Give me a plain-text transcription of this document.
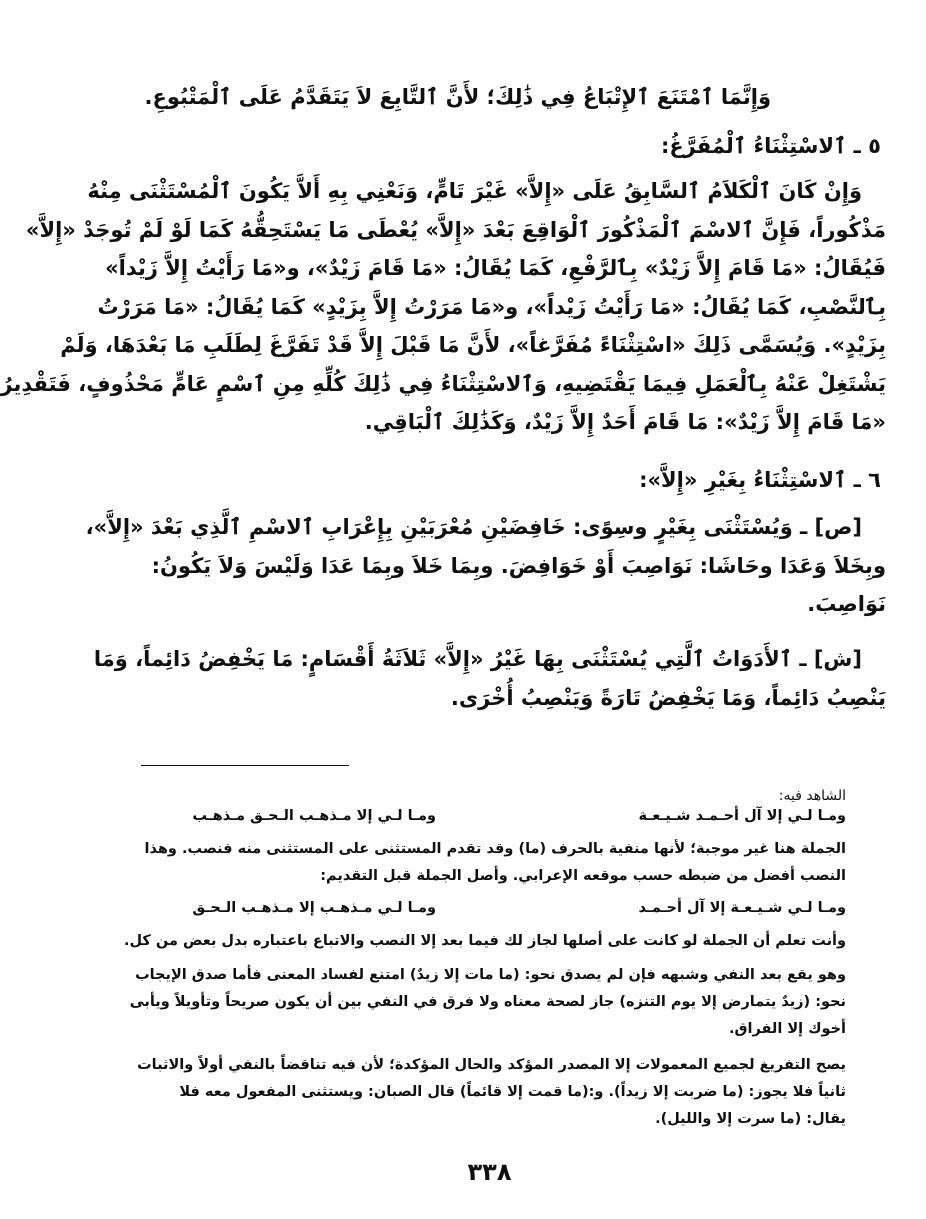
وَإِنَّمَا ٱمْتَنَعَ ٱلإِتْبَاعُ فِي ذَٰلِكَ؛ لأَنَّ ٱلتَّابِعَ لاَ يَتَقَدَّمُ عَلَى ٱلْمَتْبُوعِ.
٥ ـ ٱلاسْتِثْنَاءُ ٱلْمُفَرَّغُ:
وَإِنْ كَانَ ٱلْكَلاَمُ ٱلسَّابِقُ عَلَى «إِلاَّ» غَيْرَ تَامٍّ، وَنَعْنِي بِهِ أَلاَّ يَكُونَ ٱلْمُسْتَثْنَى مِنْهُ
مَذْكُوراً، فَإِنَّ ٱلاسْمَ ٱلْمَذْكُورَ ٱلْوَاقِعَ بَعْدَ «إِلاَّ» يُعْطَى مَا يَسْتَحِقُّهُ كَمَا لَوْ لَمْ تُوجَدْ «إِلاَّ»
فَيُقَالُ: «مَا قَامَ إِلاَّ زَيْدٌ» بِٱلرَّفْعِ، كَمَا يُقَالُ: «مَا قَامَ زَيْدٌ»، و«مَا رَأَيْتُ إِلاَّ زَيْداً»
بِٱلنَّصْبِ، كَمَا يُقَالُ: «مَا رَأَيْتُ زَيْداً»، و«مَا مَرَرْتُ إِلاَّ بِزَيْدٍ» كَمَا يُقَالُ: «مَا مَرَرْتُ
بِزَيْدٍ». وَيُسَمَّى ذَلِكَ «اسْتِثْنَاءً مُفَرَّغاً»، لأَنَّ مَا قَبْلَ إِلاَّ قَدْ تَفَرَّغَ لِطَلَبِ مَا بَعْدَهَا، وَلَمْ
يَشْتَغِلْ عَنْهُ بِٱلْعَمَلِ فِيمَا يَقْتَضِيهِ، وَٱلاسْتِثْنَاءُ فِي ذَٰلِكَ كُلِّهِ مِنِ ٱسْمٍ عَامٍّ مَحْذُوفٍ، فَتَقْدِيرُ
«مَا قَامَ إِلاَّ زَيْدٌ»: مَا قَامَ أَحَدٌ إِلاَّ زَيْدٌ، وَكَذَٰلِكَ ٱلْبَاقِي.
٦ ـ ٱلاسْتِثْنَاءُ بِغَيْرِ «إِلاَّ»:
[ص] ـ وَيُسْتَثْنَى بِغَيْرٍ وسِوًى: خَافِضَيْنِ مُعْرَبَيْنِ بِإِعْرَابِ ٱلاسْمِ ٱلَّذِي بَعْدَ «إِلاَّ»،
وبِخَلاَ وَعَدَا وحَاشَا: نَوَاصِبَ أَوْ خَوَافِضَ. وبِمَا خَلاَ وبِمَا عَدَا وَلَيْسَ وَلاَ يَكُونُ:
نَوَاصِبَ.
[ش] ـ ٱلأَدَوَاتُ ٱلَّتِي يُسْتَثْنَى بِهَا غَيْرُ «إِلاَّ» ثَلاَثَةُ أَقْسَامٍ: مَا يَخْفِضُ دَائِماً، وَمَا
يَنْصِبُ دَائِماً، وَمَا يَخْفِضُ تَارَةً وَيَنْصِبُ أُخْرَى.
الشاهد فيه:
ومـا لـي إلا آل أحـمـد شـيـعـة
ومـا لـي إلا مـذهـب الـحـق مـذهـب
الجملة هنا غير موجبة؛ لأنها منفية بالحرف (ما) وقد تقدم المستثنى على المستثنى منه فنصب. وهذا
النصب أفضل من ضبطه حسب موقعه الإعرابي. وأصل الجملة قبل التقديم:
ومـا لـي شـيـعـة إلا آل أحـمـد
ومـا لـي مـذهـب إلا مـذهـب الـحـق
وأنت تعلم أن الجملة لو كانت على أصلها لجاز لك فيما بعد إلا النصب والاتباع باعتباره بدل بعض من كل.
وهو يقع بعد النفي وشبهه فإن لم يصدق نحو: (ما مات إلا زيدٌ) امتنع لفساد المعنى فأما صدق الإيجاب
نحو: (زيدٌ يتمارض إلا يوم التنزه) جاز لصحة معناه ولا فرق في النفي بين أن يكون صريحاً وتأويلاً ويأبى
أخوك إلا الفراق.
يصح التفريغ لجميع المعمولات إلا المصدر المؤكد والحال المؤكدة؛ لأن فيه تناقضاً بالنفي أولاً والاثبات
ثانياً فلا يجوز: (ما ضربت إلا زيداً). و:(ما قمت إلا قائماً) قال الصبان: ويستثنى المفعول معه فلا
يقال: (ما سرت إلا والليل).
٣٣٨
